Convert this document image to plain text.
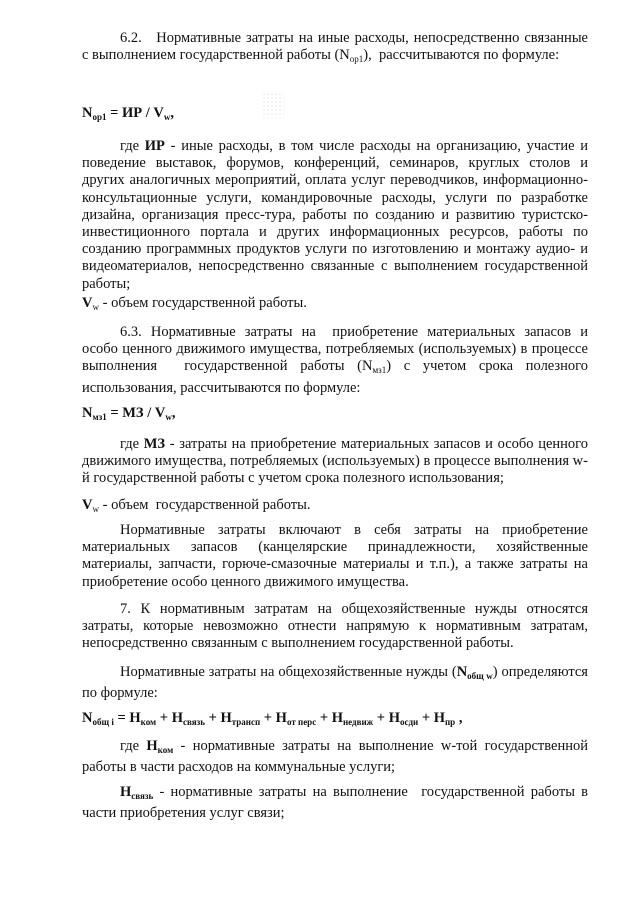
6.2. Нормативные затраты на иные расходы, непосредственно связанные с выполнением государственной работы $(N_{op1})$, рассчитываются по формуле:

$N_{op1}$ = ИР / $V_w$,

где ИР - иные расходы, в том числе расходы на организацию, участие и поведение выставок, форумов, конференций, семинаров, круглых столов и других аналогичных мероприятий, оплата услуг переводчиков, информационно-консультационные услуги, командировочные расходы, услуги по разработке дизайна, организация пресс-тура, работы по созданию и развитию туристско-инвестиционного портала и других информационных ресурсов, работы по созданию программных продуктов услуги по изготовлению и монтажу аудио- и видеоматериалов, непосредственно связанные с выполнением государственной работы;

$V_w$ - объем государственной работы.

6.3. Нормативные затраты на  приобретение материальных запасов и особо ценного движимого имущества, потребляемых (используемых) в процессе выполнения  государственной работы $(N_{мз1})$ с учетом срока полезного использования, рассчитываются по формуле:

$N_{мз1}$ = МЗ / $V_w$,

где МЗ - затраты на приобретение материальных запасов и особо ценного движимого имущества, потребляемых (используемых) в процессе выполнения w-й государственной работы с учетом срока полезного использования;

$V_w$ - объем государственной работы.

Нормативные затраты включают в себя затраты на приобретение материальных запасов (канцелярские принадлежности, хозяйственные материалы, запчасти, горюче-смазочные материалы и т.п.), а также затраты на приобретение особо ценного движимого имущества.

7. К нормативным затратам на общехозяйственные нужды относятся затраты, которые невозможно отнести напрямую к нормативным затратам, непосредственно связанным с выполнением государственной работы.

Нормативные затраты на общехозяйственные нужды $(N_{общ w})$ определяются по формуле:

$N_{общ i} = H_{ком} + H_{связь} + H_{трансп} + H_{от перс} + H_{недвиж} + H_{осди} + H_{пр}$ ,

где $Н_{ком}$ - нормативные затраты на выполнение w-той государственной работы в части расходов на коммунальные услуги;

$Н_{связь}$ - нормативные затраты на выполнение  государственной работы в части приобретения услуг связи;
